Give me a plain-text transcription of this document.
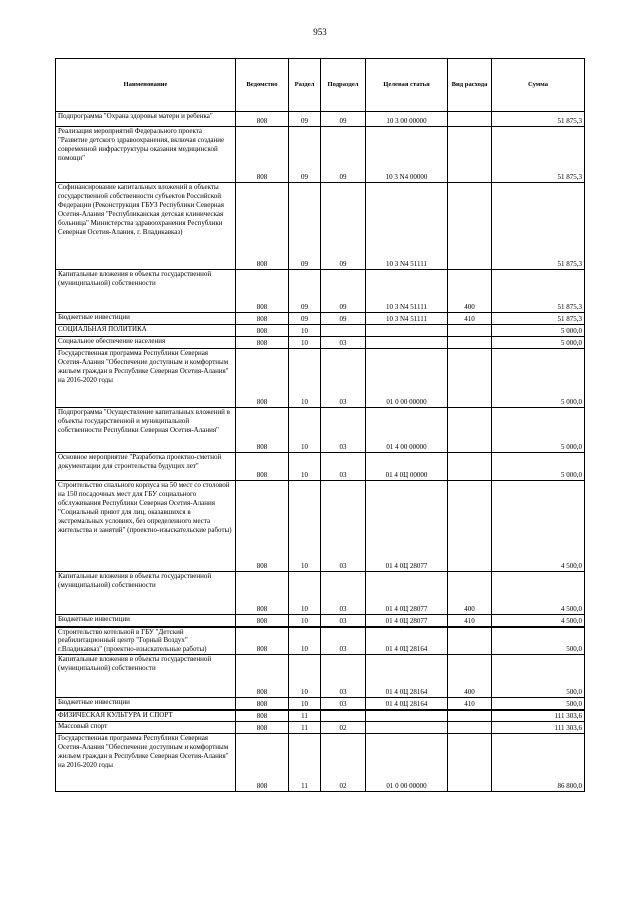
953
Наименование	Ведомство	Раздел	Подраздел	Целевая статья	Вид расхода	Сумма
Подпрограмма "Охрана здоровья матери и ребенка"	808	09	09	10 3 00 00000		51 875,3
Реализация мероприятий Федерального проекта "Развитие детского здравоохранения, включая создание современной инфраструктуры оказания медицинской помощи"	808	09	09	10 3 N4 00000		51 875,3
Софинансирование капитальных вложений в объекты государственной собственности субъектов Российской Федерации (Реконструкция ГБУЗ Республики Северная Осетия-Алания "Республиканская детская клиническая больница" Министерства здравоохранения Республики Северная Осетия-Алания, г. Владикавказ)	808	09	09	10 3 N4 51111		51 875,3
Капитальные вложения в объекты государственной (муниципальной) собственности	808	09	09	10 3 N4 51111	400	51 875,3
Бюджетные инвестиции	808	09	09	10 3 N4 51111	410	51 875,3
СОЦИАЛЬНАЯ ПОЛИТИКА	808	10				5 000,0
Социальное обеспечение населения	808	10	03			5 000,0
Государственная программа Республики Северная Осетия-Алания "Обеспечение доступным и комфортным жильем граждан в Республике Северная Осетия-Алания" на 2016-2020 годы	808	10	03	01 0 00 00000		5 000,0
Подпрограмма "Осуществление капитальных вложений в объекты государственной и муниципальной собственности Республики Северная Осетия-Алания"	808	10	03	01 4 00 00000		5 000,0
Основное мероприятие "Разработка проектно-сметной документации для строительства будущих лет"	808	10	03	01 4 0Ц 00000		5 000,0
Строительство спального корпуса на 50 мест со столовой на 150 посадочных мест для ГБУ социального обслуживания Республики Северная Осетия-Алания "Социальный приют для лиц, оказавшихся в экстремальных условиях, без определенного места жительства и занятий" (проектно-изыскательские работы)	808	10	03	01 4 0Ц 28077		4 500,0
Капитальные вложения в объекты государственной (муниципальной) собственности	808	10	03	01 4 0Ц 28077	400	4 500,0
Бюджетные инвестиции	808	10	03	01 4 0Ц 28077	410	4 500,0
Строительство котельной в ГБУ "Детский реабилитационный центр "Горный Воздух" г.Владикавказ" (проектно-изыскательные работы)	808	10	03	01 4 0Ц 28164		500,0
Капитальные вложения в объекты государственной (муниципальной) собственности	808	10	03	01 4 0Ц 28164	400	500,0
Бюджетные инвестиции	808	10	03	01 4 0Ц 28164	410	500,0
ФИЗИЧЕСКАЯ КУЛЬТУРА И СПОРТ	808	11				111 303,6
Массовый спорт	808	11	02			111 303,6
Государственная программа Республики Северная Осетия-Алания "Обеспечение доступным и комфортным жильем граждан в Республике Северная Осетия-Алания" на 2016-2020 годы	808	11	02	01 0 00 00000		86 800,0
